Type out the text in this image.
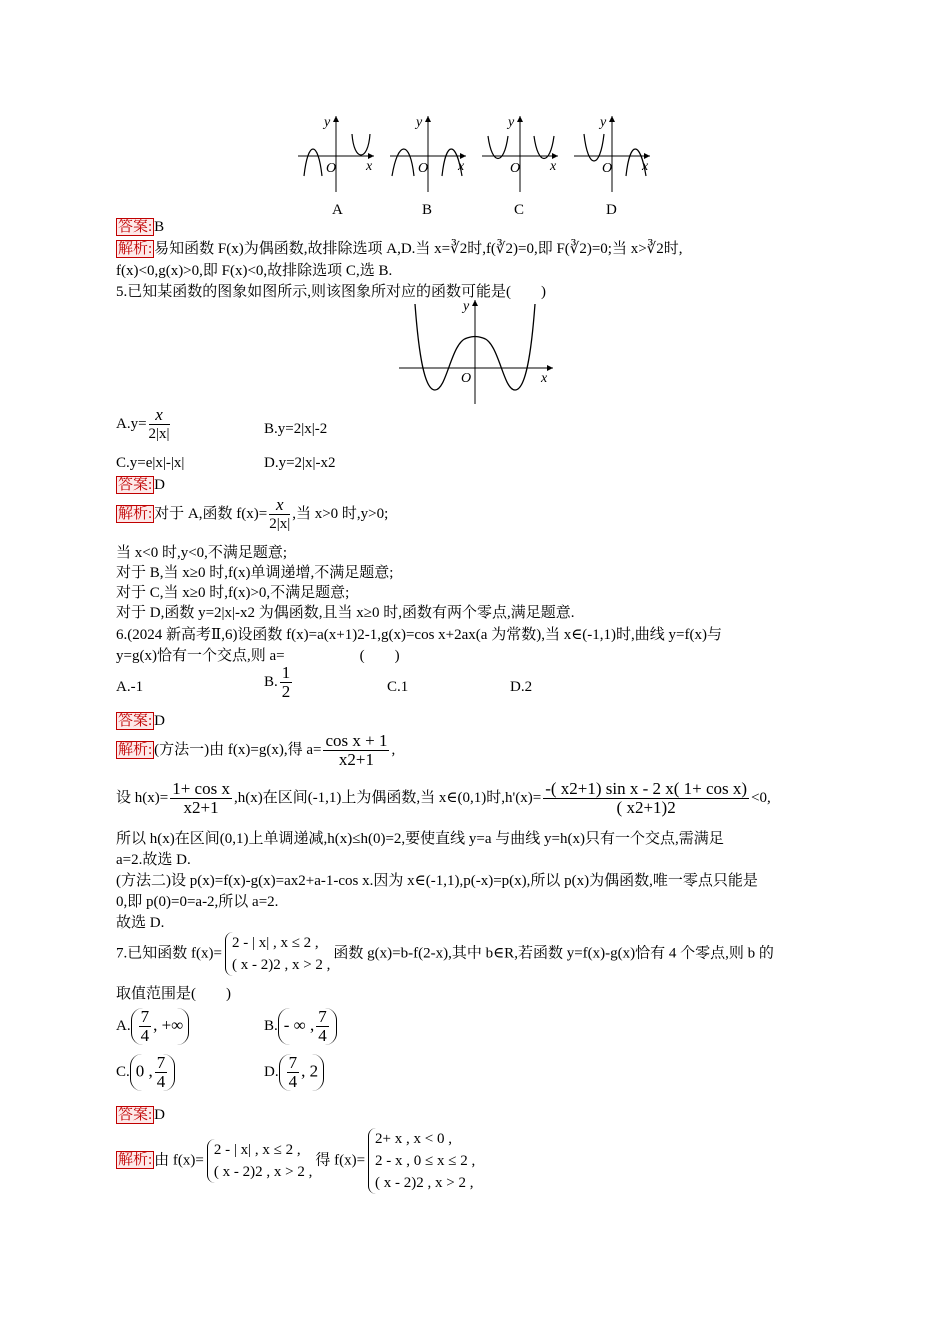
y
O x
A
y
O x
B
y
O x
C
y
O x
D
答案: B
解析: 易知函数 F(x)为偶函数,故排除选项 A,D.当 x=∛2时,f(∛2)=0,即 F(∛2)=0;当 x>∛2时,
f(x)<0,g(x)>0,即 F(x)<0,故排除选项 C,选 B.
5.已知某函数的图象如图所示,则该图象所对应的函数可能是(　　)
y
O	x
$A.y= \frac{x}{2|x|}$	B.y=2|x|-2
C.y=e|x|-|x|	D.y=2|x|-x2
答案: D
解析: 对于 A,函数 $f(x)= \frac{x}{2|x|}$ ,当 x>0 时,y>0;
当 x<0 时,y<0,不满足题意;
对于 B,当 x≥0 时,f(x)单调递增,不满足题意;
对于 C,当 x≥0 时,f(x)>0,不满足题意;
对于 D,函数 y=2|x|-x2 为偶函数,且当 x≥0 时,函数有两个零点,满足题意.
6.(2024 新高考Ⅱ,6)设函数 f(x)=a(x+1)2-1,g(x)=cos x+2ax(a 为常数),当 x∈(-1,1)时,曲线 y=f(x)与
y=g(x)恰有一个交点,则 a=　　　　　(　　)
A.-1	B. $\frac{1}{2}$	C.1	D.2
答案: D
解析: (方法一)由 f(x)=g(x),得 $a= \frac{\text{cos x + 1}}{x2+1}$ ,
设 $h(x)= \frac{\text{1+ cos x}}{x2+1} ,h(x)$在区间(-1,1)上为偶函数,当 x∈(0,1)时$,h'(x)= \frac{\text{-( x2+1) sin x - 2 x( 1+ cos x)}}{( x2+1)2} <0$,
所以 h(x)在区间(0,1)上单调递减,h(x)≤h(0)=2,要使直线 y=a 与曲线 y=h(x)只有一个交点,需满足
a=2.故选 D.
(方法二)设 p(x)=f(x)-g(x)=ax2+a-1-cos x.因为 x∈(-1,1),p(-x)=p(x),所以 p(x)为偶函数,唯一零点只能是
0,即 p(0)=0=a-2,所以 a=2.
故选 D.
7.已知函数 f(x)=
2 - | x| , x ≤ 2 ,
( x - 2)2 , x > 2 ,
函数 g(x)=b-f(2-x),其中 b∈R,若函数 y=f(x)-g(x)恰有 4 个零点,则 b 的
取值范围是(　　)
A. $\frac{7}{4}$ , +∞	B. - ∞ , $\frac{7}{4}$
C. 0 , $\frac{7}{4}$	D. $\frac{7}{4}$ , 2
答案: D
解析: 由 f(x)=
2 - | x| , x ≤ 2 ,
( x - 2)2 , x > 2 ,
得 f(x)=
2+ x , x < 0 ,
2 - x , 0 ≤ x ≤ 2 ,
( x - 2)2 , x > 2 ,
